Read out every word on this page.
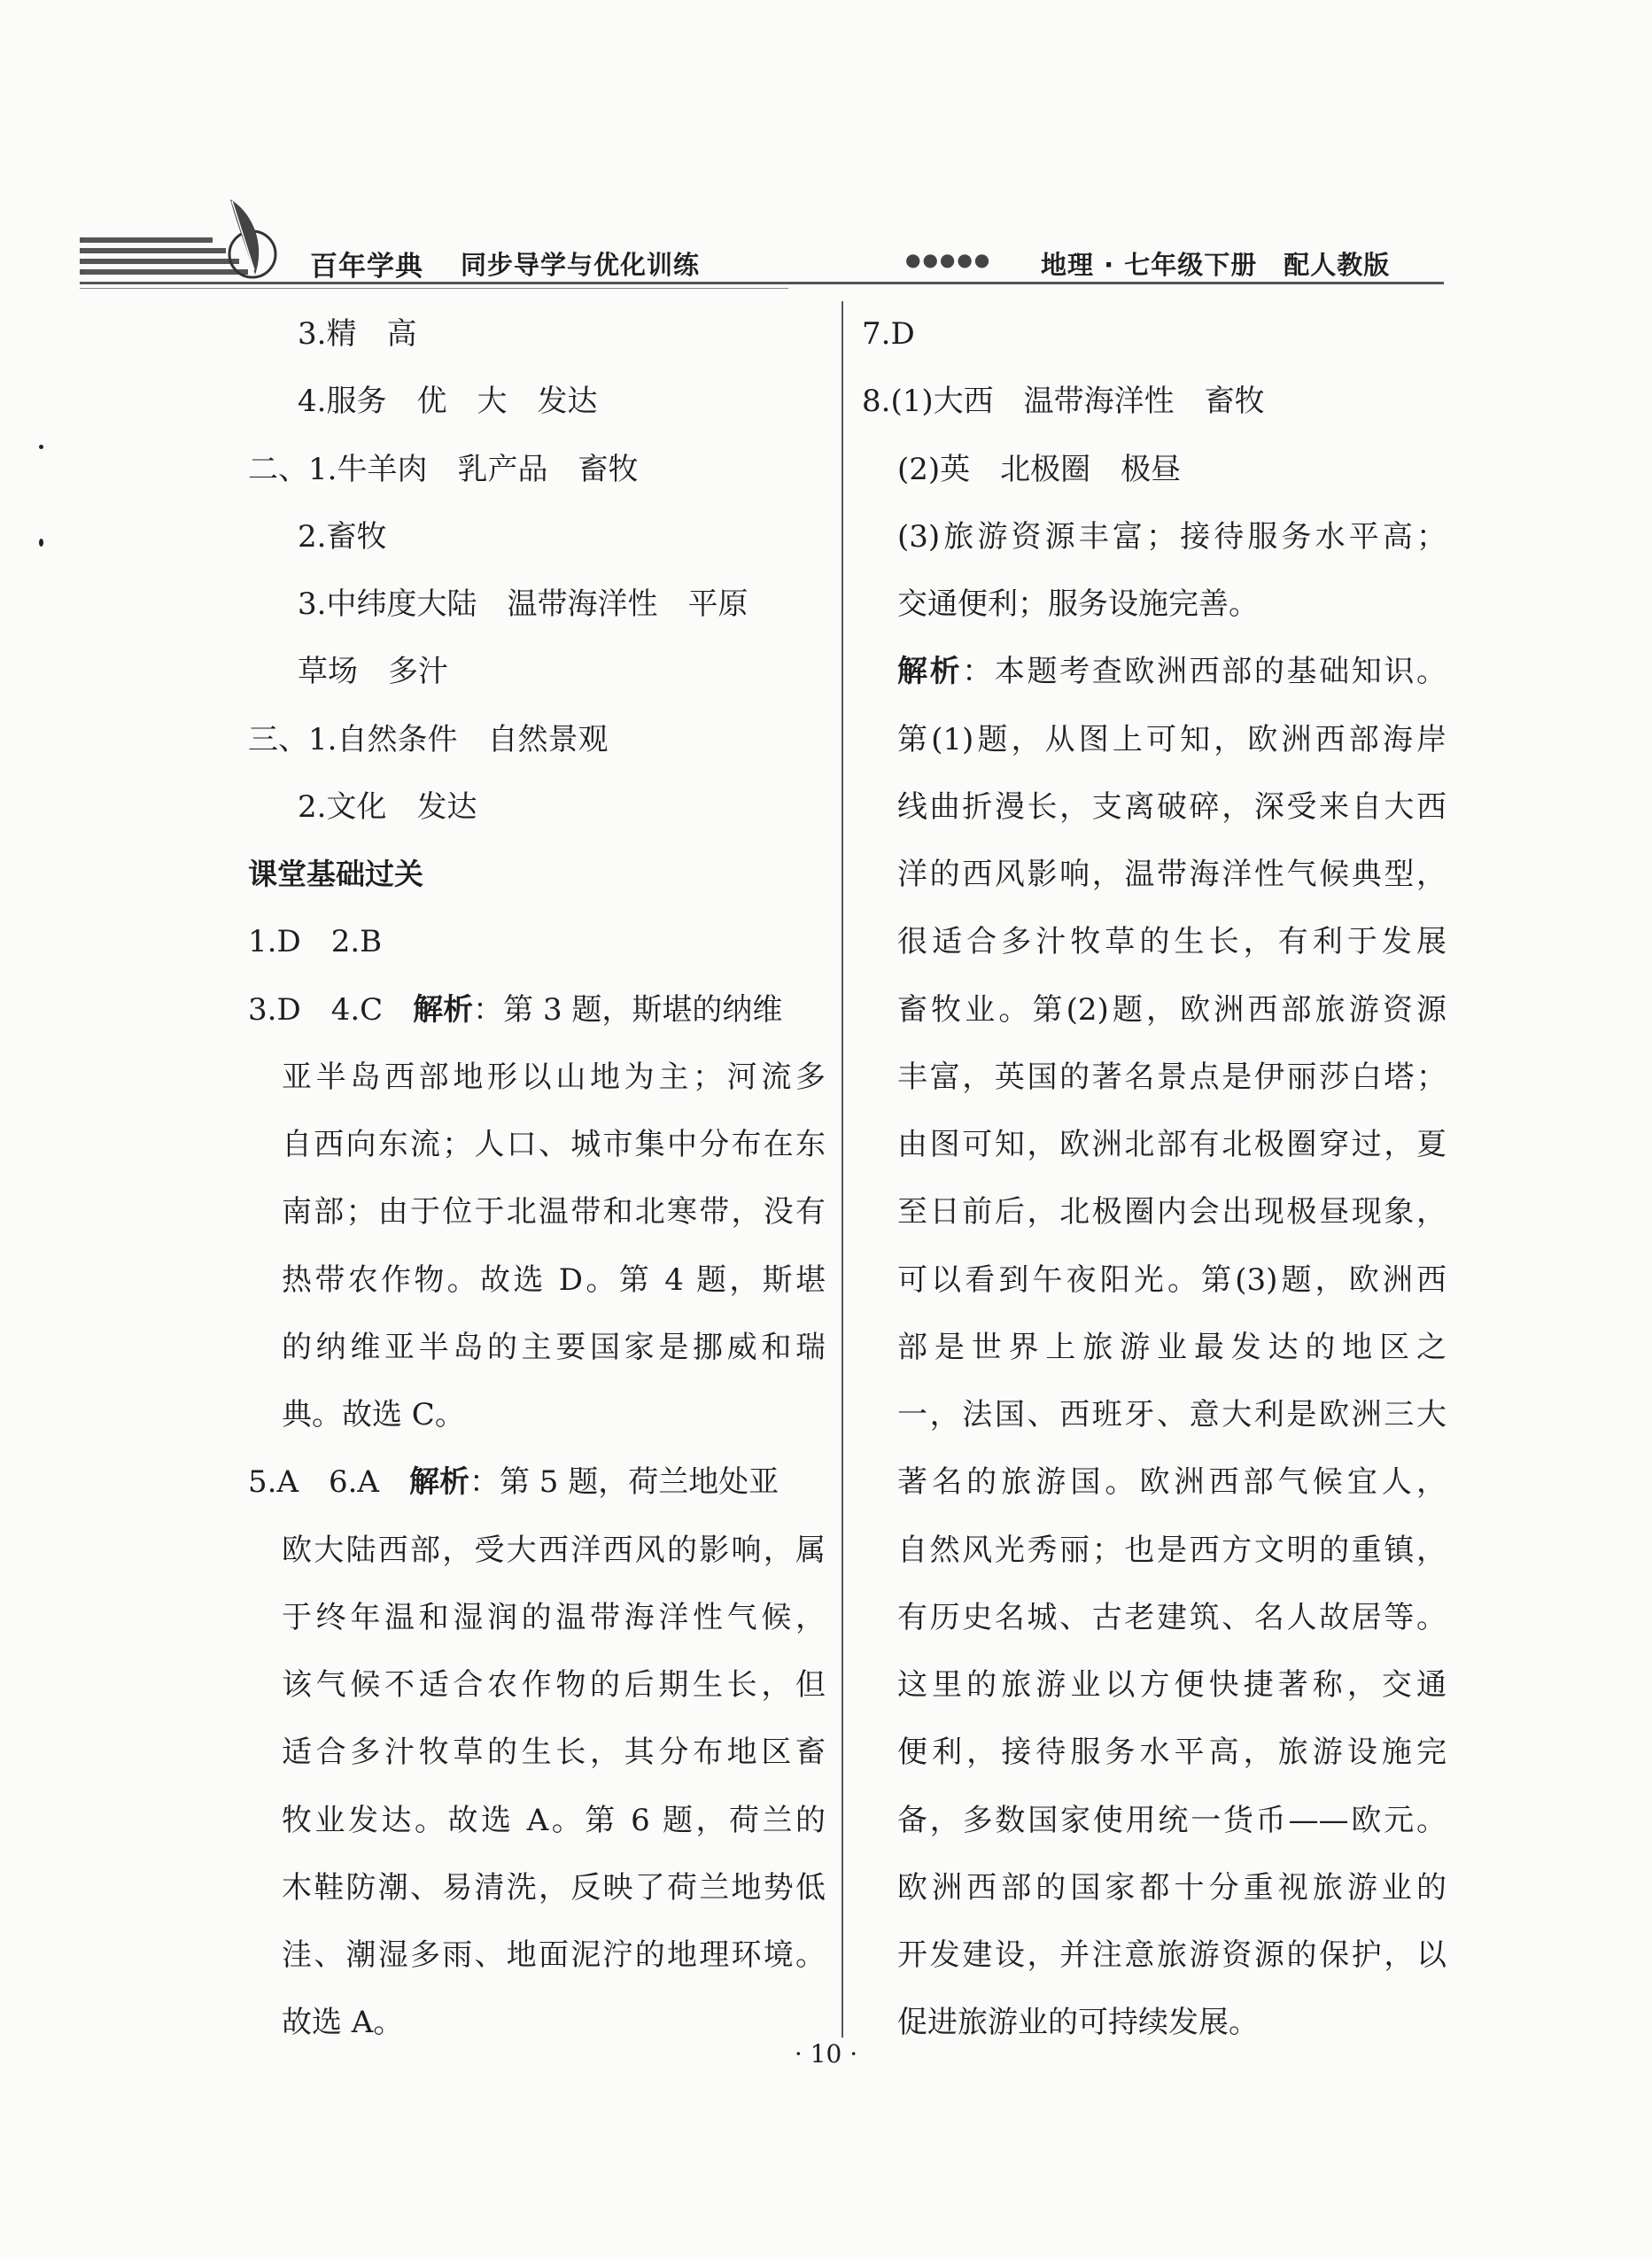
百年学典 同步导学与优化训练	●●●●● 地理 · 七年级下册　配人教版
3.精　高
4.服务　优　大　发达
二、1.牛羊肉　乳产品　畜牧
2.畜牧
3.中纬度大陆　温带海洋性　平原
草场　多汁
三、1.自然条件　自然景观
2.文化　发达
课堂基础过关
1.D　2.B
3.D　4.C　解析：第 3 题，斯堪的纳维
亚半岛西部地形以山地为主；河流多
自西向东流；人口、城市集中分布在东
南部；由于位于北温带和北寒带，没有
热带农作物。故选 D。第 4 题，斯堪
的纳维亚半岛的主要国家是挪威和瑞
典。故选 C。
5.A　6.A　解析：第 5 题，荷兰地处亚
欧大陆西部，受大西洋西风的影响，属
于终年温和湿润的温带海洋性气候，
该气候不适合农作物的后期生长，但
适合多汁牧草的生长，其分布地区畜
牧业发达。故选 A。第 6 题，荷兰的
木鞋防潮、易清洗，反映了荷兰地势低
洼、潮湿多雨、地面泥泞的地理环境。
故选 A。
7.D
8.(1)大西　温带海洋性　畜牧
(2)英　北极圈　极昼
(3)旅游资源丰富；接待服务水平高；
交通便利；服务设施完善。
解析：本题考查欧洲西部的基础知识。
第(1)题，从图上可知，欧洲西部海岸
线曲折漫长，支离破碎，深受来自大西
洋的西风影响，温带海洋性气候典型，
很适合多汁牧草的生长，有利于发展
畜牧业。第(2)题，欧洲西部旅游资源
丰富，英国的著名景点是伊丽莎白塔；
由图可知，欧洲北部有北极圈穿过，夏
至日前后，北极圈内会出现极昼现象，
可以看到午夜阳光。第(3)题，欧洲西
部是世界上旅游业最发达的地区之
一，法国、西班牙、意大利是欧洲三大
著名的旅游国。欧洲西部气候宜人，
自然风光秀丽；也是西方文明的重镇，
有历史名城、古老建筑、名人故居等。
这里的旅游业以方便快捷著称，交通
便利，接待服务水平高，旅游设施完
备，多数国家使用统一货币——欧元。
欧洲西部的国家都十分重视旅游业的
开发建设，并注意旅游资源的保护，以
促进旅游业的可持续发展。
· 10 ·
